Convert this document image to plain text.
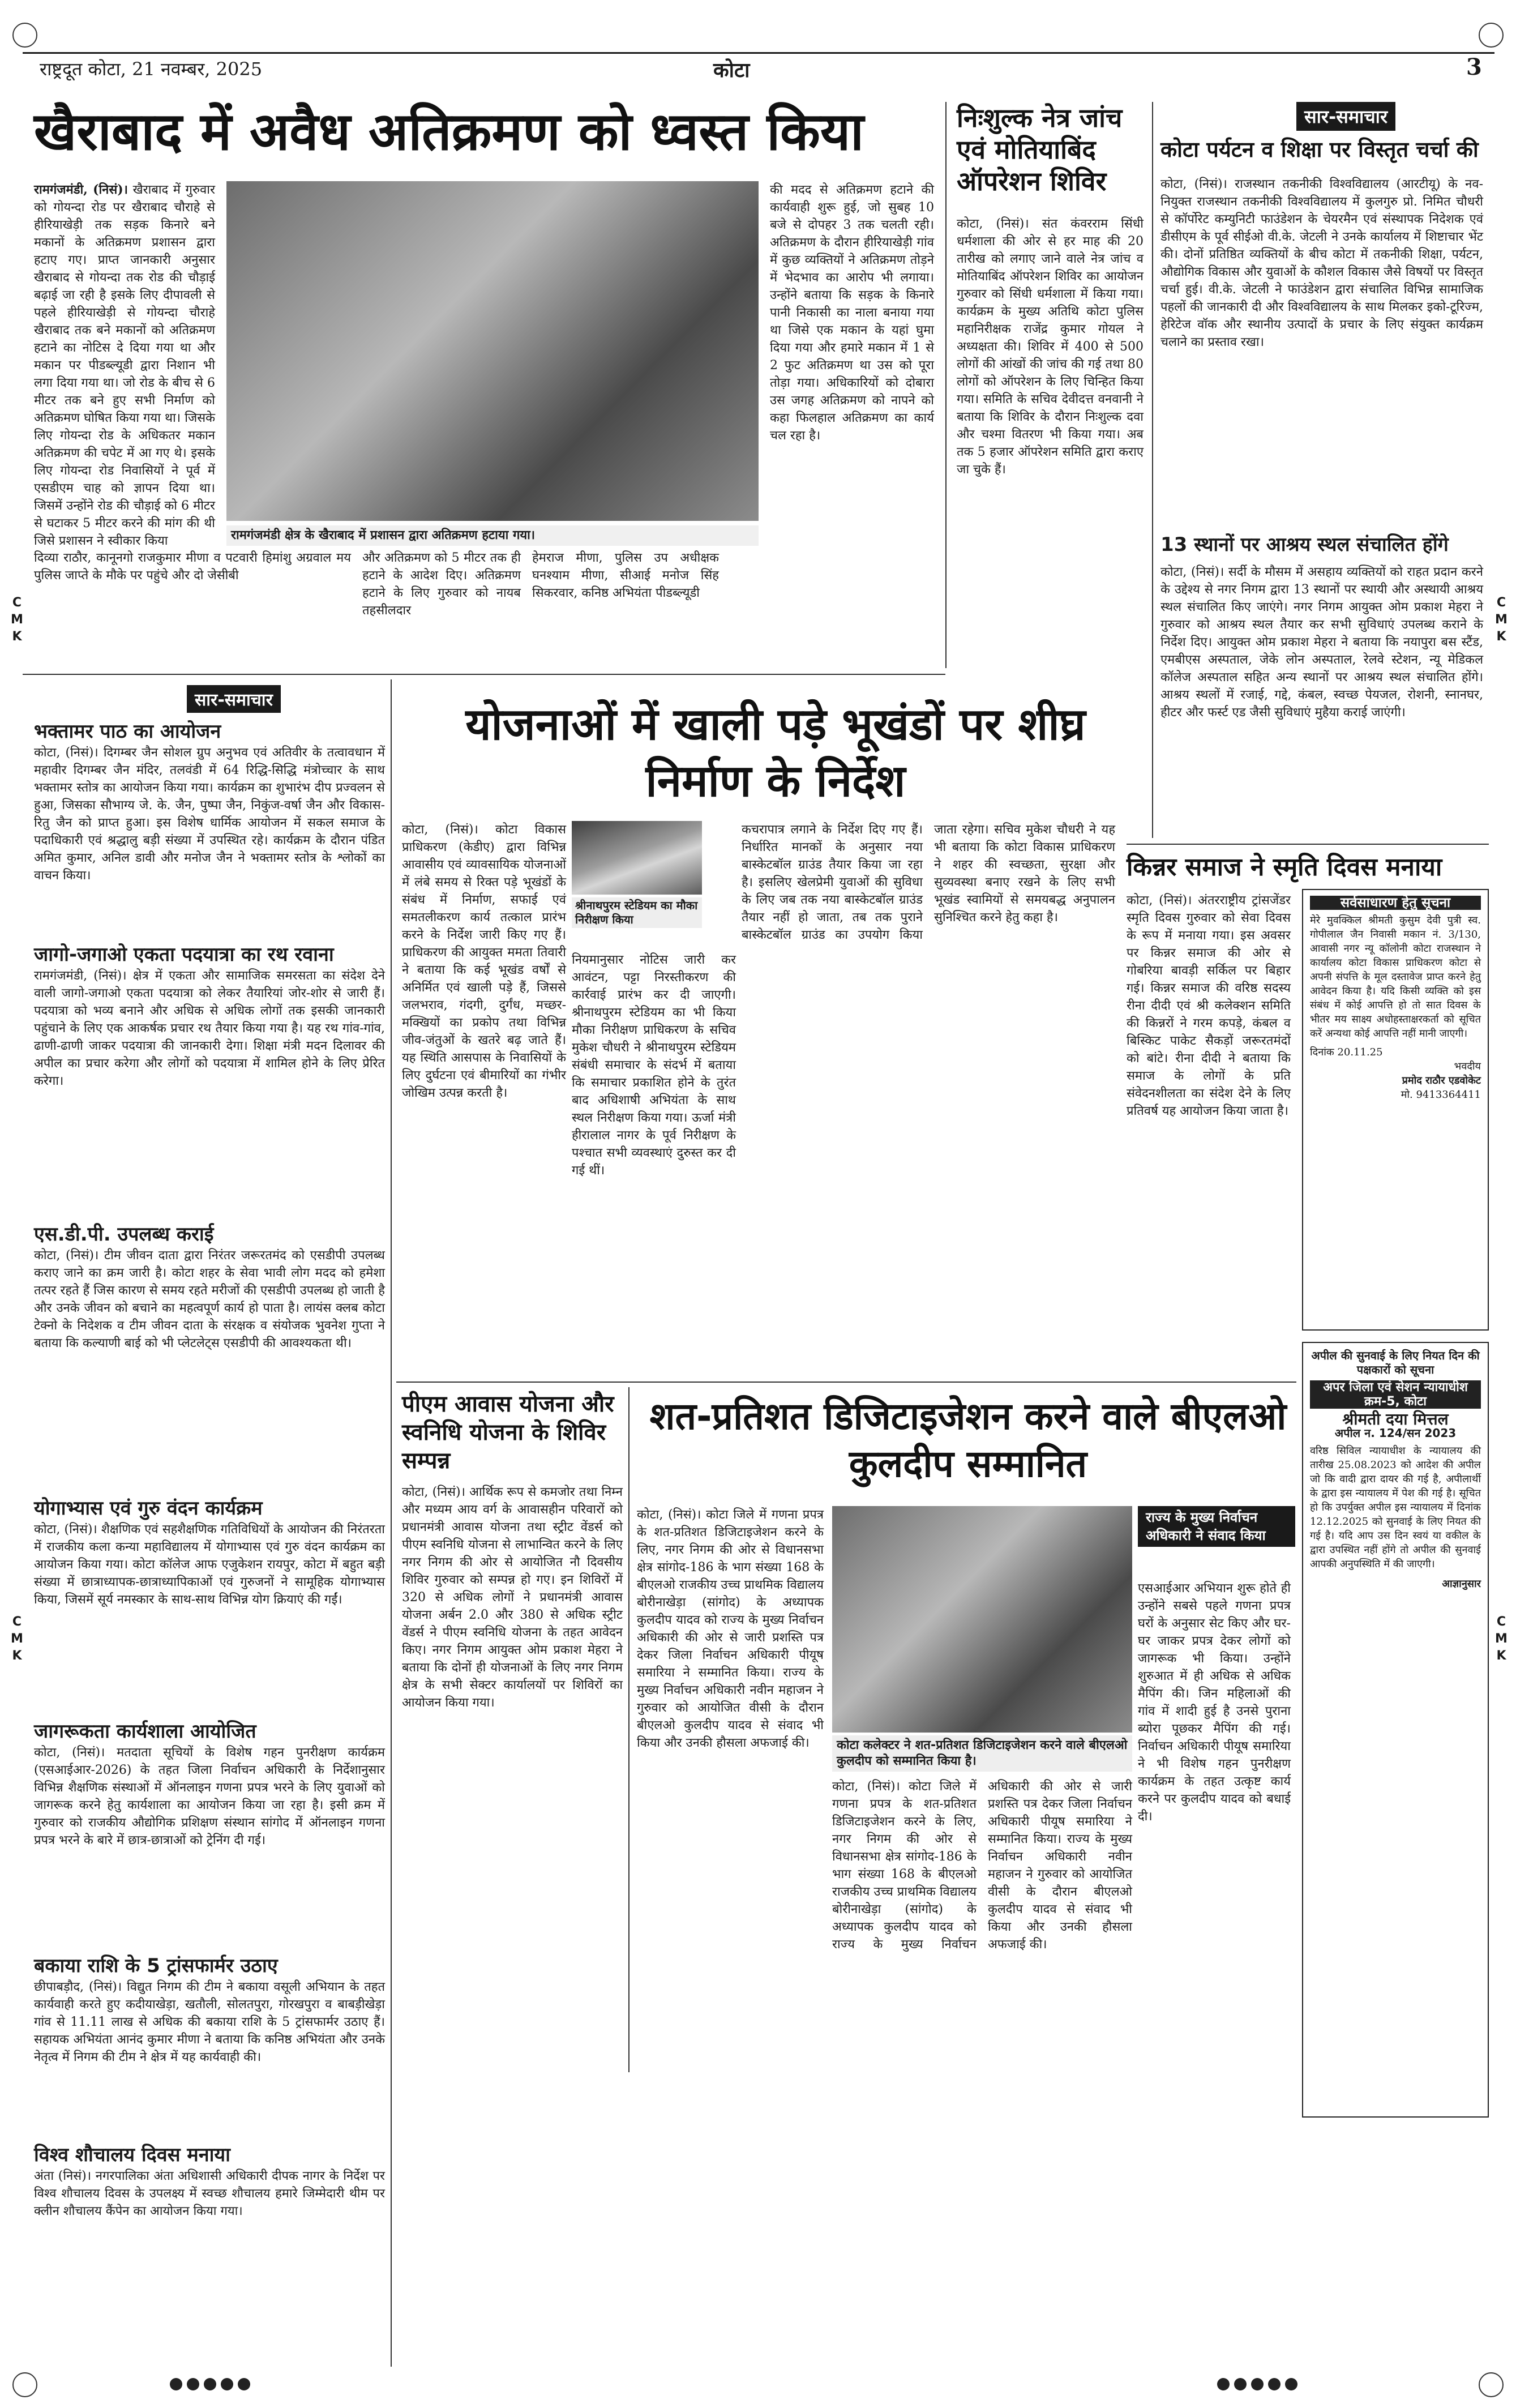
राष्ट्रदूत कोटा, 21 नवम्बर, 2025	कोटा	3
C
M
K
C
M
K
C
M
K
C
M
K
खैराबाद में अवैध अतिक्रमण को ध्वस्त किया
रामगंजमंडी, (निसं)। खैराबाद में गुरुवार को गोयन्दा रोड पर खैराबाद चौराहे से हीरियाखेड़ी तक सड़क किनारे बने मकानों के अतिक्रमण प्रशासन द्वारा हटाए गए। प्राप्त जानकारी अनुसार खैराबाद से गोयन्दा तक रोड की चौड़ाई बढ़ाई जा रही है इसके लिए दीपावली से पहले हीरियाखेड़ी से गोयन्दा चौराहे खैराबाद तक बने मकानों को अतिक्रमण हटाने का नोटिस दे दिया गया था और मकान पर पीडब्ल्यूडी द्वारा निशान भी लगा दिया गया था। जो रोड के बीच से 6 मीटर तक बने हुए सभी निर्माण को अतिक्रमण घोषित किया गया था। जिसके लिए गोयन्दा रोड के अधिकतर मकान अतिक्रमण की चपेट में आ गए थे। इसके लिए गोयन्दा रोड निवासियों ने पूर्व में एसडीएम चाह को ज्ञापन दिया था। जिसमें उन्होंने रोड की चौड़ाई को 6 मीटर से घटाकर 5 मीटर करने की मांग की थी जिसे प्रशासन ने स्वीकार किया	रामगंजमंडी क्षेत्र के खैराबाद में प्रशासन द्वारा अतिक्रमण हटाया गया।
और अतिक्रमण को 5 मीटर तक ही हटाने के आदेश दिए। अतिक्रमण हटाने के लिए गुरुवार को नायब तहसीलदार
हेमराज मीणा, पुलिस उप अधीक्षक घनश्याम मीणा, सीआई मनोज सिंह सिकरवार, कनिष्ठ अभियंता पीडब्ल्यूडी
की मदद से अतिक्रमण हटाने की कार्यवाही शुरू हुई, जो सुबह 10 बजे से दोपहर 3 तक चलती रही। अतिक्रमण के दौरान हीरियाखेड़ी गांव में कुछ व्यक्तियों ने अतिक्रमण तोड़ने में भेदभाव का आरोप भी लगाया। उन्होंने बताया कि सड़क के किनारे पानी निकासी का नाला बनाया गया था जिसे एक मकान के यहां घुमा दिया गया और हमारे मकान में 1 से 2 फुट अतिक्रमण था उस को पूरा तोड़ा गया। अधिकारियों को दोबारा उस जगह अतिक्रमण को नापने को कहा फिलहाल अतिक्रमण का कार्य चल रहा है।
दिव्या राठौर, कानूनगो राजकुमार मीणा व पटवारी हिमांशु अग्रवाल मय पुलिस जाप्ते के मौके पर पहुंचे और दो जेसीबी
निःशुल्क नेत्र जांच एवं मोतियाबिंद ऑपरेशन शिविर
कोटा, (निसं)। संत कंवरराम सिंधी धर्मशाला की ओर से हर माह की 20 तारीख को लगाए जाने वाले नेत्र जांच व मोतियाबिंद ऑपरेशन शिविर का आयोजन गुरुवार को सिंधी धर्मशाला में किया गया। कार्यक्रम के मुख्य अतिथि कोटा पुलिस महानिरीक्षक राजेंद्र कुमार गोयल ने अध्यक्षता की। शिविर में 400 से 500 लोगों की आंखों की जांच की गई तथा 80 लोगों को ऑपरेशन के लिए चिन्हित किया गया। समिति के सचिव देवीदत्त वनवानी ने बताया कि शिविर के दौरान निःशुल्क दवा और चश्मा वितरण भी किया गया। अब तक 5 हजार ऑपरेशन समिति द्वारा कराए जा चुके हैं।
सार-समाचार
कोटा पर्यटन व शिक्षा पर विस्तृत चर्चा की
कोटा, (निसं)। राजस्थान तकनीकी विश्वविद्यालय (आरटीयू) के नव-नियुक्त राजस्थान तकनीकी विश्वविद्यालय में कुलगुरु प्रो. निमित चौधरी से कॉर्पोरेट कम्युनिटी फाउंडेशन के चेयरमैन एवं संस्थापक निदेशक एवं डीसीएम के पूर्व सीईओ वी.के. जेटली ने उनके कार्यालय में शिष्टाचार भेंट की। दोनों प्रतिष्ठित व्यक्तियों के बीच कोटा में तकनीकी शिक्षा, पर्यटन, औद्योगिक विकास और युवाओं के कौशल विकास जैसे विषयों पर विस्तृत चर्चा हुई। वी.के. जेटली ने फाउंडेशन द्वारा संचालित विभिन्न सामाजिक पहलों की जानकारी दी और विश्वविद्यालय के साथ मिलकर इको-टूरिज्म, हेरिटेज वॉक और स्थानीय उत्पादों के प्रचार के लिए संयुक्त कार्यक्रम चलाने का प्रस्ताव रखा।
13 स्थानों पर आश्रय स्थल संचालित होंगे
कोटा, (निसं)। सर्दी के मौसम में असहाय व्यक्तियों को राहत प्रदान करने के उद्देश्य से नगर निगम द्वारा 13 स्थानों पर स्थायी और अस्थायी आश्रय स्थल संचालित किए जाएंगे। नगर निगम आयुक्त ओम प्रकाश मेहरा ने गुरुवार को आश्रय स्थल तैयार कर सभी सुविधाएं उपलब्ध कराने के निर्देश दिए। आयुक्त ओम प्रकाश मेहरा ने बताया कि नयापुरा बस स्टैंड, एमबीएस अस्पताल, जेके लोन अस्पताल, रेलवे स्टेशन, न्यू मेडिकल कॉलेज अस्पताल सहित अन्य स्थानों पर आश्रय स्थल संचालित होंगे। आश्रय स्थलों में रजाई, गद्दे, कंबल, स्वच्छ पेयजल, रोशनी, स्नानघर, हीटर और फर्स्ट एड जैसी सुविधाएं मुहैया कराई जाएंगी।
सार-समाचार
भक्तामर पाठ का आयोजन
कोटा, (निसं)। दिगम्बर जैन सोशल ग्रुप अनुभव एवं अतिवीर के तत्वावधान में महावीर दिगम्बर जैन मंदिर, तलवंडी में 64 रिद्धि-सिद्धि मंत्रोच्चार के साथ भक्तामर स्तोत्र का आयोजन किया गया। कार्यक्रम का शुभारंभ दीप प्रज्वलन से हुआ, जिसका सौभाग्य जे. के. जैन, पुष्पा जैन, निकुंज-वर्षा जैन और विकास-रितु जैन को प्राप्त हुआ। इस विशेष धार्मिक आयोजन में सकल समाज के पदाधिकारी एवं श्रद्धालु बड़ी संख्या में उपस्थित रहे। कार्यक्रम के दौरान पंडित अमित कुमार, अनिल डावी और मनोज जैन ने भक्तामर स्तोत्र के श्लोकों का वाचन किया।
जागो-जगाओ एकता पदयात्रा का रथ रवाना
रामगंजमंडी, (निसं)। क्षेत्र में एकता और सामाजिक समरसता का संदेश देने वाली जागो-जगाओ एकता पदयात्रा को लेकर तैयारियां जोर-शोर से जारी हैं। पदयात्रा को भव्य बनाने और अधिक से अधिक लोगों तक इसकी जानकारी पहुंचाने के लिए एक आकर्षक प्रचार रथ तैयार किया गया है। यह रथ गांव-गांव, ढाणी-ढाणी जाकर पदयात्रा की जानकारी देगा। शिक्षा मंत्री मदन दिलावर की अपील का प्रचार करेगा और लोगों को पदयात्रा में शामिल होने के लिए प्रेरित करेगा।
एस.डी.पी. उपलब्ध कराई
कोटा, (निसं)। टीम जीवन दाता द्वारा निरंतर जरूरतमंद को एसडीपी उपलब्ध कराए जाने का क्रम जारी है। कोटा शहर के सेवा भावी लोग मदद को हमेशा तत्पर रहते हैं जिस कारण से समय रहते मरीजों की एसडीपी उपलब्ध हो जाती है और उनके जीवन को बचाने का महत्वपूर्ण कार्य हो पाता है। लायंस क्लब कोटा टेक्नो के निदेशक व टीम जीवन दाता के संरक्षक व संयोजक भुवनेश गुप्ता ने बताया कि कल्याणी बाई को भी प्लेटलेट्स एसडीपी की आवश्यकता थी।
योगाभ्यास एवं गुरु वंदन कार्यक्रम
कोटा, (निसं)। शैक्षणिक एवं सहशैक्षणिक गतिविधियों के आयोजन की निरंतरता में राजकीय कला कन्या महाविद्यालय में योगाभ्यास एवं गुरु वंदन कार्यक्रम का आयोजन किया गया। कोटा कॉलेज आफ एजुकेशन रायपुर, कोटा में बहुत बड़ी संख्या में छात्राध्यापक-छात्राध्यापिकाओं एवं गुरुजनों ने सामूहिक योगाभ्यास किया, जिसमें सूर्य नमस्कार के साथ-साथ विभिन्न योग क्रियाएं की गईं।
जागरूकता कार्यशाला आयोजित
कोटा, (निसं)। मतदाता सूचियों के विशेष गहन पुनरीक्षण कार्यक्रम (एसआईआर-2026) के तहत जिला निर्वाचन अधिकारी के निर्देशानुसार विभिन्न शैक्षणिक संस्थाओं में ऑनलाइन गणना प्रपत्र भरने के लिए युवाओं को जागरूक करने हेतु कार्यशाला का आयोजन किया जा रहा है। इसी क्रम में गुरुवार को राजकीय औद्योगिक प्रशिक्षण संस्थान सांगोद में ऑनलाइन गणना प्रपत्र भरने के बारे में छात्र-छात्राओं को ट्रेनिंग दी गई।
बकाया राशि के 5 ट्रांसफार्मर उठाए
छीपाबड़ौद, (निसं)। विद्युत निगम की टीम ने बकाया वसूली अभियान के तहत कार्यवाही करते हुए कदीयाखेड़ा, खतौली, सोलतपुरा, गोरखपुरा व बाबड़ीखेड़ा गांव से 11.11 लाख से अधिक की बकाया राशि के 5 ट्रांसफार्मर उठाए हैं। सहायक अभियंता आनंद कुमार मीणा ने बताया कि कनिष्ठ अभियंता और उनके नेतृत्व में निगम की टीम ने क्षेत्र में यह कार्यवाही की।
विश्व शौचालय दिवस मनाया
अंता (निसं)। नगरपालिका अंता अधिशासी अधिकारी दीपक नागर के निर्देश पर विश्व शौचालय दिवस के उपलक्ष्य में स्वच्छ शौचालय हमारे जिम्मेदारी थीम पर क्लीन शौचालय कैंपेन का आयोजन किया गया।
योजनाओं में खाली पड़े भूखंडों पर शीघ्र निर्माण के निर्देश
श्रीनाथपुरम स्टेडियम का मौका निरीक्षण किया
कोटा, (निसं)। कोटा विकास प्राधिकरण (केडीए) द्वारा विभिन्न आवासीय एवं व्यावसायिक योजनाओं में लंबे समय से रिक्त पड़े भूखंडों के संबंध में निर्माण, सफाई एवं समतलीकरण कार्य तत्काल प्रारंभ करने के निर्देश जारी किए गए हैं। प्राधिकरण की आयुक्त ममता तिवारी ने बताया कि कई भूखंड वर्षों से अनिर्मित एवं खाली पड़े हैं, जिससे जलभराव, गंदगी, दुर्गंध, मच्छर-मक्खियों का प्रकोप तथा विभिन्न जीव-जंतुओं के खतरे बढ़ जाते हैं। यह स्थिति आसपास के निवासियों के लिए दुर्घटना एवं बीमारियों का गंभीर जोखिम उत्पन्न करती है।
नियमानुसार नोटिस जारी कर आवंटन, पट्टा निरस्तीकरण की कार्रवाई प्रारंभ कर दी जाएगी। श्रीनाथपुरम स्टेडियम का भी किया मौका निरीक्षण प्राधिकरण के सचिव मुकेश चौधरी ने श्रीनाथपुरम स्टेडियम संबंधी समाचार के संदर्भ में बताया कि समाचार प्रकाशित होने के तुरंत बाद अधिशाषी अभियंता के साथ स्थल निरीक्षण किया गया। ऊर्जा मंत्री हीरालाल नागर के पूर्व निरीक्षण के पश्चात सभी व्यवस्थाएं दुरुस्त कर दी गई थीं।
कचरापात्र लगाने के निर्देश दिए गए हैं। निर्धारित मानकों के अनुसार नया बास्केटबॉल ग्राउंड तैयार किया जा रहा है। इसलिए खेलप्रेमी युवाओं की सुविधा के लिए जब तक नया बास्केटबॉल ग्राउंड तैयार नहीं हो जाता, तब तक पुराने बास्केटबॉल ग्राउंड का उपयोग किया जाता रहेगा। सचिव मुकेश चौधरी ने यह भी बताया कि कोटा विकास प्राधिकरण ने शहर की स्वच्छता, सुरक्षा और सुव्यवस्था बनाए रखने के लिए सभी भूखंड स्वामियों से समयबद्ध अनुपालन सुनिश्चित करने हेतु कहा है।
किन्नर समाज ने स्मृति दिवस मनाया
सर्वसाधारण हेतु सूचना
मेरे मुवक्किल श्रीमती कुसुम देवी पुत्री स्व. गोपीलाल जैन निवासी मकान नं. 3/130, आवासी नगर न्यू कॉलोनी कोटा राजस्थान ने कार्यालय कोटा विकास प्राधिकरण कोटा से अपनी संपत्ति के मूल दस्तावेज प्राप्त करने हेतु आवेदन किया है। यदि किसी व्यक्ति को इस संबंध में कोई आपत्ति हो तो सात दिवस के भीतर मय साक्ष्य अधोहस्ताक्षरकर्ता को सूचित करें अन्यथा कोई आपत्ति नहीं मानी जाएगी।
दिनांक 20.11.25
भवदीय
प्रमोद राठौर एडवोकेट
मो. 9413364411
कोटा, (निसं)। अंतरराष्ट्रीय ट्रांसजेंडर स्मृति दिवस गुरुवार को सेवा दिवस के रूप में मनाया गया। इस अवसर पर किन्नर समाज की ओर से गोबरिया बावड़ी सर्किल पर बिहार गई। किन्नर समाज की वरिष्ठ सदस्य रीना दीदी एवं श्री कलेक्शन समिति की किन्नरों ने गरम कपड़े, कंबल व बिस्किट पाकेट सैकड़ों जरूरतमंदों को बांटे। रीना दीदी ने बताया कि समाज के लोगों के प्रति संवेदनशीलता का संदेश देने के लिए प्रतिवर्ष यह आयोजन किया जाता है।
पीएम आवास योजना और स्वनिधि योजना के शिविर सम्पन्न
कोटा, (निसं)। आर्थिक रूप से कमजोर तथा निम्न और मध्यम आय वर्ग के आवासहीन परिवारों को प्रधानमंत्री आवास योजना तथा स्ट्रीट वेंडर्स को पीएम स्वनिधि योजना से लाभान्वित करने के लिए नगर निगम की ओर से आयोजित नौ दिवसीय शिविर गुरुवार को सम्पन्न हो गए। इन शिविरों में 320 से अधिक लोगों ने प्रधानमंत्री आवास योजना अर्बन 2.0 और 380 से अधिक स्ट्रीट वेंडर्स ने पीएम स्वनिधि योजना के तहत आवेदन किए। नगर निगम आयुक्त ओम प्रकाश मेहरा ने बताया कि दोनों ही योजनाओं के लिए नगर निगम क्षेत्र के सभी सेक्टर कार्यालयों पर शिविरों का आयोजन किया गया।
शत-प्रतिशत डिजिटाइजेशन करने वाले बीएलओ कुलदीप सम्मानित
कोटा, (निसं)। कोटा जिले में गणना प्रपत्र के शत-प्रतिशत डिजिटाइजेशन करने के लिए, नगर निगम की ओर से विधानसभा क्षेत्र सांगोद-186 के भाग संख्या 168 के बीएलओ राजकीय उच्च प्राथमिक विद्यालय बोरीनाखेड़ा (सांगोद) के अध्यापक कुलदीप यादव को राज्य के मुख्य निर्वाचन अधिकारी की ओर से जारी प्रशस्ति पत्र देकर जिला निर्वाचन अधिकारी पीयूष समारिया ने सम्मानित किया। राज्य के मुख्य निर्वाचन अधिकारी नवीन महाजन ने गुरुवार को आयोजित वीसी के दौरान बीएलओ कुलदीप यादव से संवाद भी किया और उनकी हौसला अफजाई की।	कोटा कलेक्टर ने शत-प्रतिशत डिजिटाइजेशन करने वाले बीएलओ कुलदीप को सम्मानित किया है।
राज्य के मुख्य निर्वाचन अधिकारी ने संवाद किया
एसआईआर अभियान शुरू होते ही उन्होंने सबसे पहले गणना प्रपत्र घरों के अनुसार सेट किए और घर-घर जाकर प्रपत्र देकर लोगों को जागरूक भी किया। उन्होंने शुरुआत में ही अधिक से अधिक मैपिंग की। जिन महिलाओं की गांव में शादी हुई है उनसे पुराना ब्योरा पूछकर मैपिंग की गई। निर्वाचन अधिकारी पीयूष समारिया ने भी विशेष गहन पुनरीक्षण कार्यक्रम के तहत उत्कृष्ट कार्य करने पर कुलदीप यादव को बधाई दी।
कोटा, (निसं)। कोटा जिले में गणना प्रपत्र के शत-प्रतिशत डिजिटाइजेशन करने के लिए, नगर निगम की ओर से विधानसभा क्षेत्र सांगोद-186 के भाग संख्या 168 के बीएलओ राजकीय उच्च प्राथमिक विद्यालय बोरीनाखेड़ा (सांगोद) के अध्यापक कुलदीप यादव को राज्य के मुख्य निर्वाचन अधिकारी की ओर से जारी प्रशस्ति पत्र देकर जिला निर्वाचन अधिकारी पीयूष समारिया ने सम्मानित किया। राज्य के मुख्य निर्वाचन अधिकारी नवीन महाजन ने गुरुवार को आयोजित वीसी के दौरान बीएलओ कुलदीप यादव से संवाद भी किया और उनकी हौसला अफजाई की।
अपील की सुनवाई के लिए नियत दिन की पक्षकारों को सूचना
अपर जिला एवं सेशन न्यायाधीश क्रम-5, कोटा
श्रीमती दया मित्तल
अपील न. 124/सन 2023
वरिष्ठ सिविल न्यायाधीश के न्यायालय की तारीख 25.08.2023 को आदेश की अपील जो कि वादी द्वारा दायर की गई है, अपीलार्थी के द्वारा इस न्यायालय में पेश की गई है। सूचित हो कि उपर्युक्त अपील इस न्यायालय में दिनांक 12.12.2025 को सुनवाई के लिए नियत की गई है। यदि आप उस दिन स्वयं या वकील के द्वारा उपस्थित नहीं होंगे तो अपील की सुनवाई आपकी अनुपस्थिति में की जाएगी।
आज्ञानुसार
